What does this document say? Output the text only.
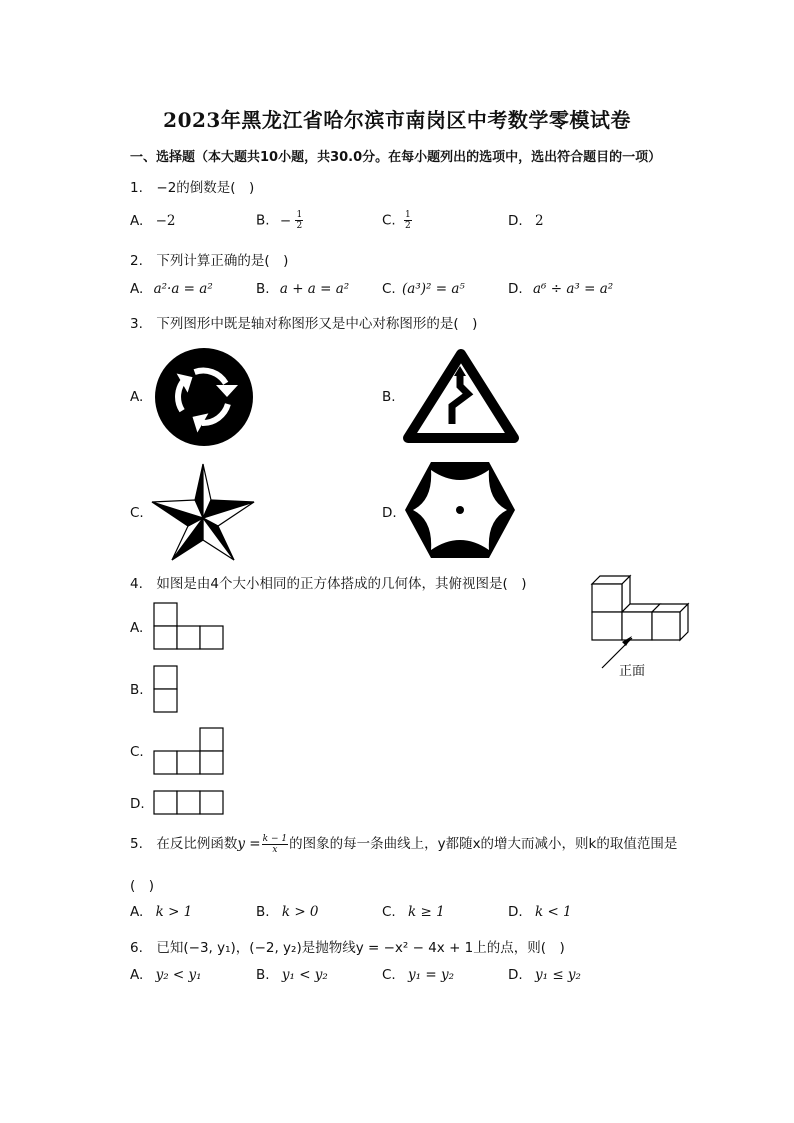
2023年黑龙江省哈尔滨市南岗区中考数学零模试卷
一、选择题（本大题共10小题，共30.0分。在每小题列出的选项中，选出符合题目的一项）
1.　−2的倒数是(　)
A. −2	B. − $\frac{1}{2}$	C. $\frac{1}{2}$	D. 2
2.　下列计算正确的是(　)
A. a²·a = a²	B. a + a = a² C. (a³)² = a⁵	D. a⁶ ÷ a³ = a²
3.　下列图形中既是轴对称图形又是中心对称图形的是(　)
A.	B.
C.	D.
4.　如图是由4个大小相同的正方体搭成的几何体，其俯视图是(　)
正面
A.
B.
C.
D.
5.　在反比例函数$y = \frac{k - 1}{x}$ 的图象的每一条曲线上，y都随x的增大而减小，则k的取值范围是
(　)
A. k > 1	B. k > 0	C. k ≥ 1	D. k < 1
6.　已知(−3, y₁)，(−2, y₂)是抛物线y = −x² − 4x + 1上的点，则(　)
A. y₂ < y₁	B. y₁ < y₂	C. y₁ = y₂	D. y₁ ≤ y₂
